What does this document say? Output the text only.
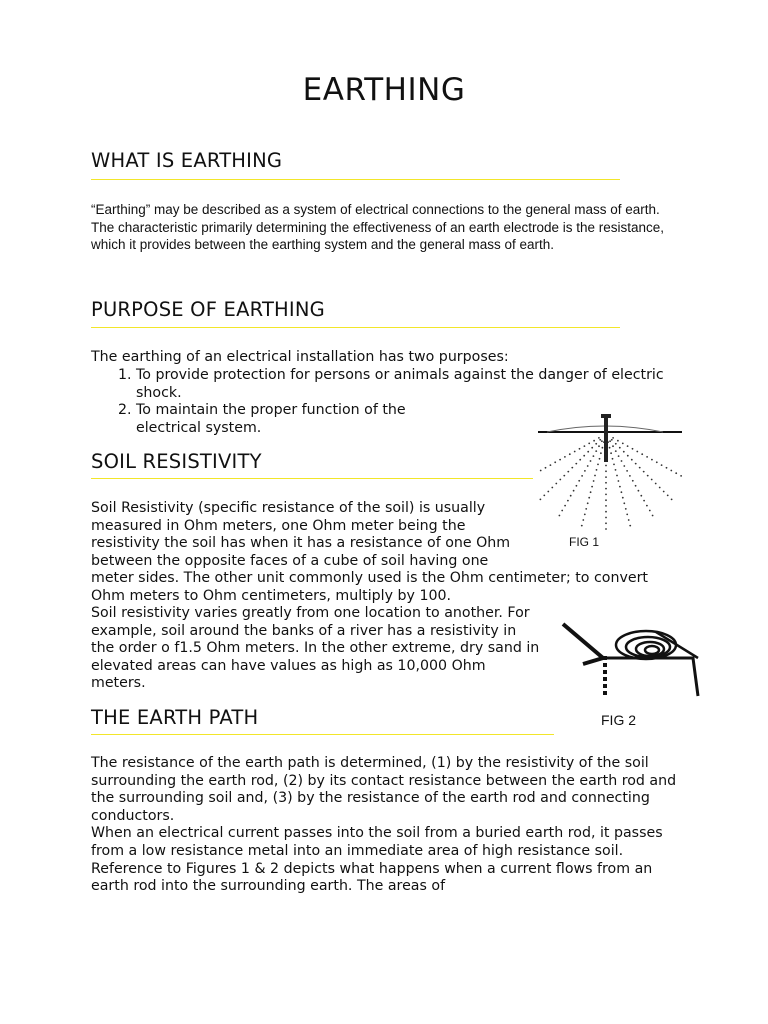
EARTHING
WHAT IS EARTHING
“Earthing” may be described as a system of electrical connections to the general mass of earth.
The characteristic primarily determining the effectiveness of an earth electrode is the resistance, which it provides between the earthing system and the general mass of earth.
PURPOSE OF EARTHING
The earthing of an electrical installation has two purposes:
1. To provide protection for persons or animals against the danger of electric shock.
2. To maintain the proper function of the electrical system.
SOIL RESISTIVITY
Soil Resistivity (specific resistance of the soil) is usually measured in Ohm meters, one Ohm meter being the resistivity the soil has when it has a resistance of one Ohm between the opposite faces of a cube of soil having one meter sides. The other unit commonly used is the Ohm centimeter; to convert Ohm meters to Ohm centimeters, multiply by 100.
Soil resistivity varies greatly from one location to another. For example, soil around the banks of a river has a resistivity in the order o f1.5 Ohm meters. In the other extreme, dry sand in elevated areas can have values as high as 10,000 Ohm meters.
FIG 1
FIG 2
THE EARTH PATH
The resistance of the earth path is determined, (1) by the resistivity of the soil surrounding the earth rod, (2) by its contact resistance between the earth rod and the surrounding soil and, (3) by the resistance of the earth rod and connecting conductors.
When an electrical current passes into the soil from a buried earth rod, it passes from a low resistance metal into an immediate area of high resistance soil. Reference to Figures 1 & 2 depicts what happens when a current flows from an earth rod into the surrounding earth. The areas of
